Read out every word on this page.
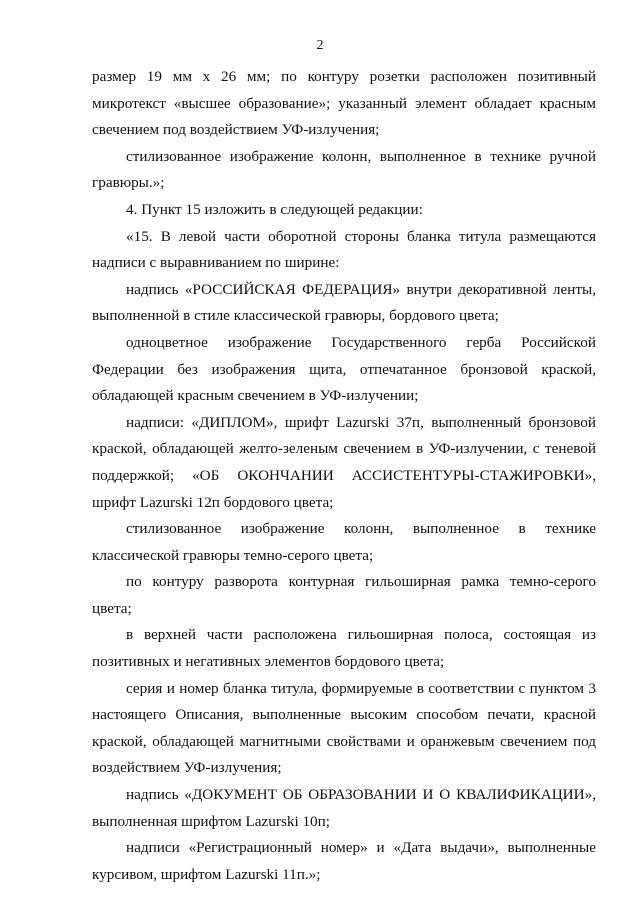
2

размер 19 мм х 26 мм; по контуру розетки расположен позитивный микротекст «высшее образование»; указанный элемент обладает красным свечением под воздействием УФ-излучения;

стилизованное изображение колонн, выполненное в технике ручной гравюры.»;

4. Пункт 15 изложить в следующей редакции:

«15. В левой части оборотной стороны бланка титула размещаются надписи с выравниванием по ширине:

надпись «РОССИЙСКАЯ ФЕДЕРАЦИЯ» внутри декоративной ленты, выполненной в стиле классической гравюры, бордового цвета;

одноцветное изображение Государственного герба Российской Федерации без изображения щита, отпечатанное бронзовой краской, обладающей красным свечением в УФ-излучении;

надписи: «ДИПЛОМ», шрифт Lazurski 37п, выполненный бронзовой краской, обладающей желто-зеленым свечением в УФ-излучении, с теневой поддержкой; «ОБ ОКОНЧАНИИ АССИСТЕНТУРЫ-СТАЖИРОВКИ», шрифт Lazurski 12п бордового цвета;

стилизованное изображение колонн, выполненное в технике классической гравюры темно-серого цвета;

по контуру разворота контурная гильоширная рамка темно-серого цвета;

в верхней части расположена гильоширная полоса, состоящая из позитивных и негативных элементов бордового цвета;

серия и номер бланка титула, формируемые в соответствии с пунктом 3 настоящего Описания, выполненные высоким способом печати, красной краской, обладающей магнитными свойствами и оранжевым свечением под воздействием УФ-излучения;

надпись «ДОКУМЕНТ ОБ ОБРАЗОВАНИИ И О КВАЛИФИКАЦИИ», выполненная шрифтом Lazurski 10п;

надписи «Регистрационный номер» и «Дата выдачи», выполненные курсивом, шрифтом Lazurski 11п.»;
